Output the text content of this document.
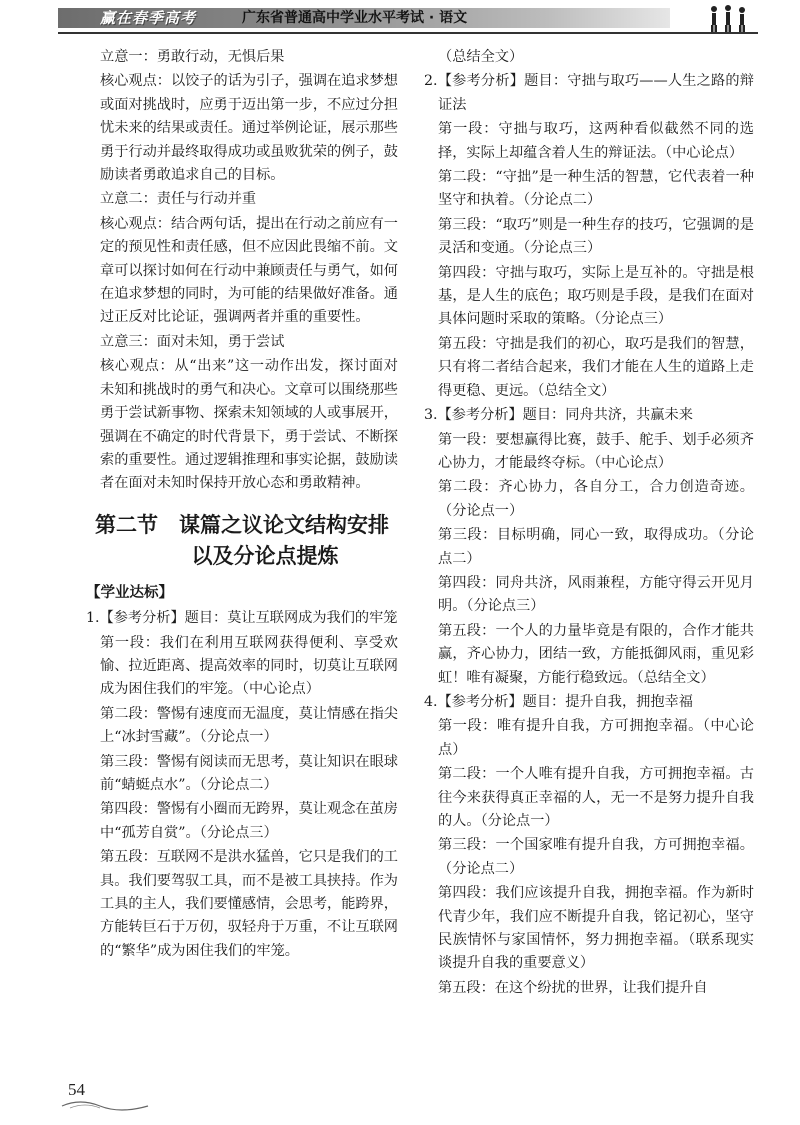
赢在春季高考	广东省普通高中学业水平考试 · 语文

立意一：勇敢行动，无惧后果

核心观点：以饺子的话为引子，强调在追求梦想或面对挑战时，应勇于迈出第一步，不应过分担忧未来的结果或责任。通过举例论证，展示那些勇于行动并最终取得成功或虽败犹荣的例子，鼓励读者勇敢追求自己的目标。

立意二：责任与行动并重

核心观点：结合两句话，提出在行动之前应有一定的预见性和责任感，但不应因此畏缩不前。文章可以探讨如何在行动中兼顾责任与勇气，如何在追求梦想的同时，为可能的结果做好准备。通过正反对比论证，强调两者并重的重要性。

立意三：面对未知，勇于尝试

核心观点：从“出来”这一动作出发，探讨面对未知和挑战时的勇气和决心。文章可以围绕那些勇于尝试新事物、探索未知领域的人或事展开，强调在不确定的时代背景下，勇于尝试、不断探索的重要性。通过逻辑推理和事实论据，鼓励读者在面对未知时保持开放心态和勇敢精神。

第二节　谋篇之议论文结构安排
以及分论点提炼
【学业达标】

1.【参考分析】题目：莫让互联网成为我们的牢笼

第一段：我们在利用互联网获得便利、享受欢愉、拉近距离、提高效率的同时，切莫让互联网成为困住我们的牢笼。（中心论点）

第二段：警惕有速度而无温度，莫让情感在指尖上“冰封雪藏”。（分论点一）

第三段：警惕有阅读而无思考，莫让知识在眼球前“蜻蜓点水”。（分论点二）

第四段：警惕有小圈而无跨界，莫让观念在茧房中“孤芳自赏”。（分论点三）

第五段：互联网不是洪水猛兽，它只是我们的工具。我们要驾驭工具，而不是被工具挟持。作为工具的主人，我们要懂感情，会思考，能跨界，方能转巨石于万仞，驭轻舟于万重，不让互联网的“繁华”成为困住我们的牢笼。

（总结全文）

2.【参考分析】题目：守拙与取巧——人生之路的辩证法

第一段：守拙与取巧，这两种看似截然不同的选择，实际上却蕴含着人生的辩证法。（中心论点）

第二段：“守拙”是一种生活的智慧，它代表着一种坚守和执着。（分论点二）

第三段：“取巧”则是一种生存的技巧，它强调的是灵活和变通。（分论点三）

第四段：守拙与取巧，实际上是互补的。守拙是根基，是人生的底色；取巧则是手段，是我们在面对具体问题时采取的策略。（分论点三）

第五段：守拙是我们的初心，取巧是我们的智慧，只有将二者结合起来，我们才能在人生的道路上走得更稳、更远。（总结全文）

3.【参考分析】题目：同舟共济，共赢未来

第一段：要想赢得比赛，鼓手、舵手、划手必须齐心协力，才能最终夺标。（中心论点）

第二段：齐心协力，各自分工，合力创造奇迹。（分论点一）

第三段：目标明确，同心一致，取得成功。（分论点二）

第四段：同舟共济，风雨兼程，方能守得云开见月明。（分论点三）

第五段：一个人的力量毕竟是有限的，合作才能共赢，齐心协力，团结一致，方能抵御风雨，重见彩虹！唯有凝聚，方能行稳致远。（总结全文）

4.【参考分析】题目：提升自我，拥抱幸福

第一段：唯有提升自我，方可拥抱幸福。（中心论点）

第二段：一个人唯有提升自我，方可拥抱幸福。古往今来获得真正幸福的人，无一不是努力提升自我的人。（分论点一）

第三段：一个国家唯有提升自我，方可拥抱幸福。（分论点二）

第四段：我们应该提升自我，拥抱幸福。作为新时代青少年，我们应不断提升自我，铭记初心，坚守民族情怀与家国情怀，努力拥抱幸福。（联系现实谈提升自我的重要意义）

第五段：在这个纷扰的世界，让我们提升自

54
